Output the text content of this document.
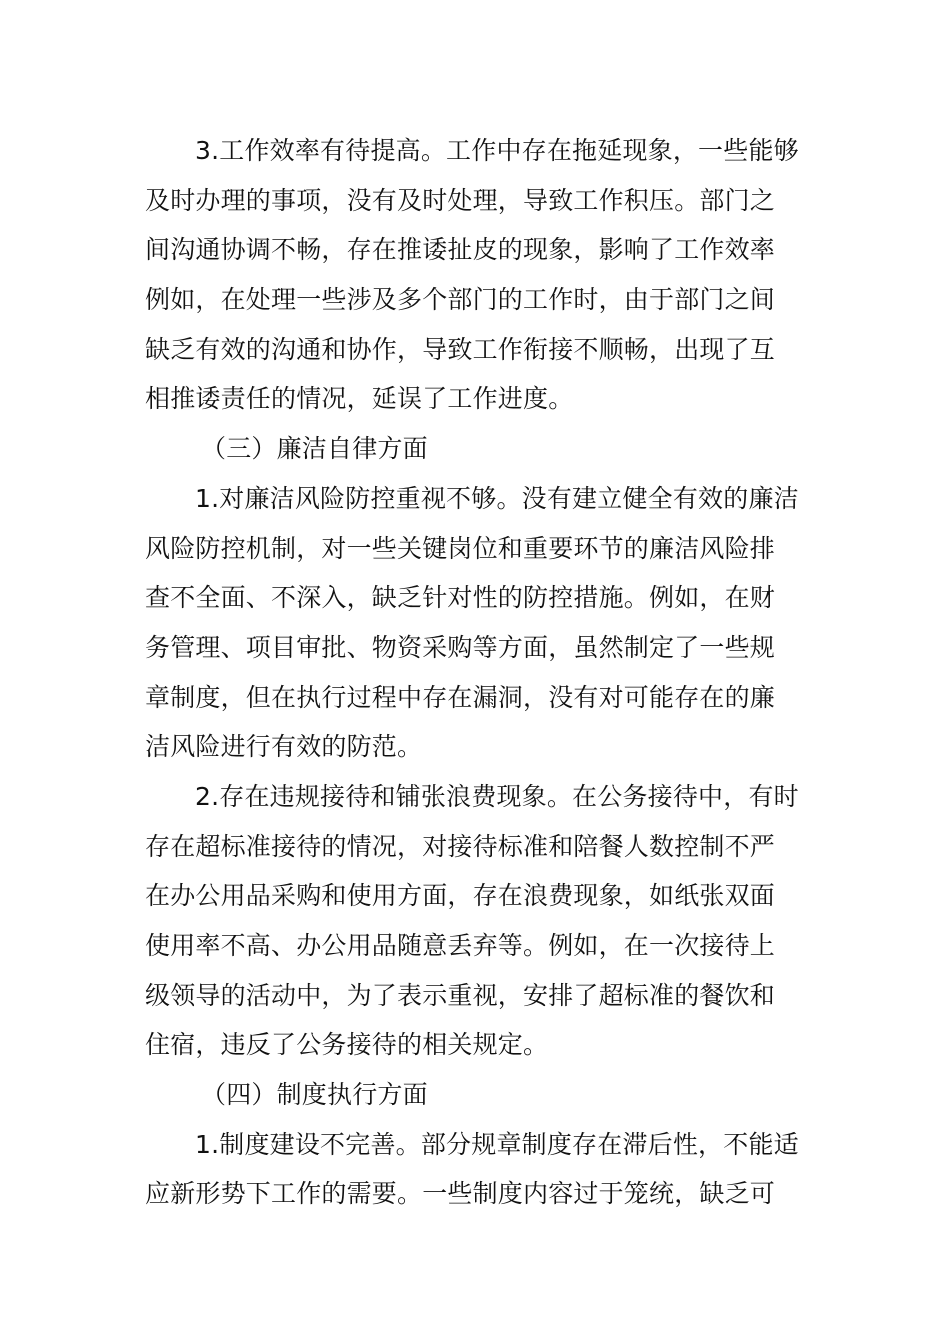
3.工作效率有待提高。工作中存在拖延现象，一些能够
及时办理的事项，没有及时处理，导致工作积压。部门之
间沟通协调不畅，存在推诿扯皮的现象，影响了工作效率
例如，在处理一些涉及多个部门的工作时，由于部门之间
缺乏有效的沟通和协作，导致工作衔接不顺畅，出现了互
相推诿责任的情况，延误了工作进度。
（三）廉洁自律方面
1.对廉洁风险防控重视不够。没有建立健全有效的廉洁
风险防控机制，对一些关键岗位和重要环节的廉洁风险排
查不全面、不深入，缺乏针对性的防控措施。例如，在财
务管理、项目审批、物资采购等方面，虽然制定了一些规
章制度，但在执行过程中存在漏洞，没有对可能存在的廉
洁风险进行有效的防范。
2.存在违规接待和铺张浪费现象。在公务接待中，有时
存在超标准接待的情况，对接待标准和陪餐人数控制不严
在办公用品采购和使用方面，存在浪费现象，如纸张双面
使用率不高、办公用品随意丢弃等。例如，在一次接待上
级领导的活动中，为了表示重视，安排了超标准的餐饮和
住宿，违反了公务接待的相关规定。
（四）制度执行方面
1.制度建设不完善。部分规章制度存在滞后性，不能适
应新形势下工作的需要。一些制度内容过于笼统，缺乏可
